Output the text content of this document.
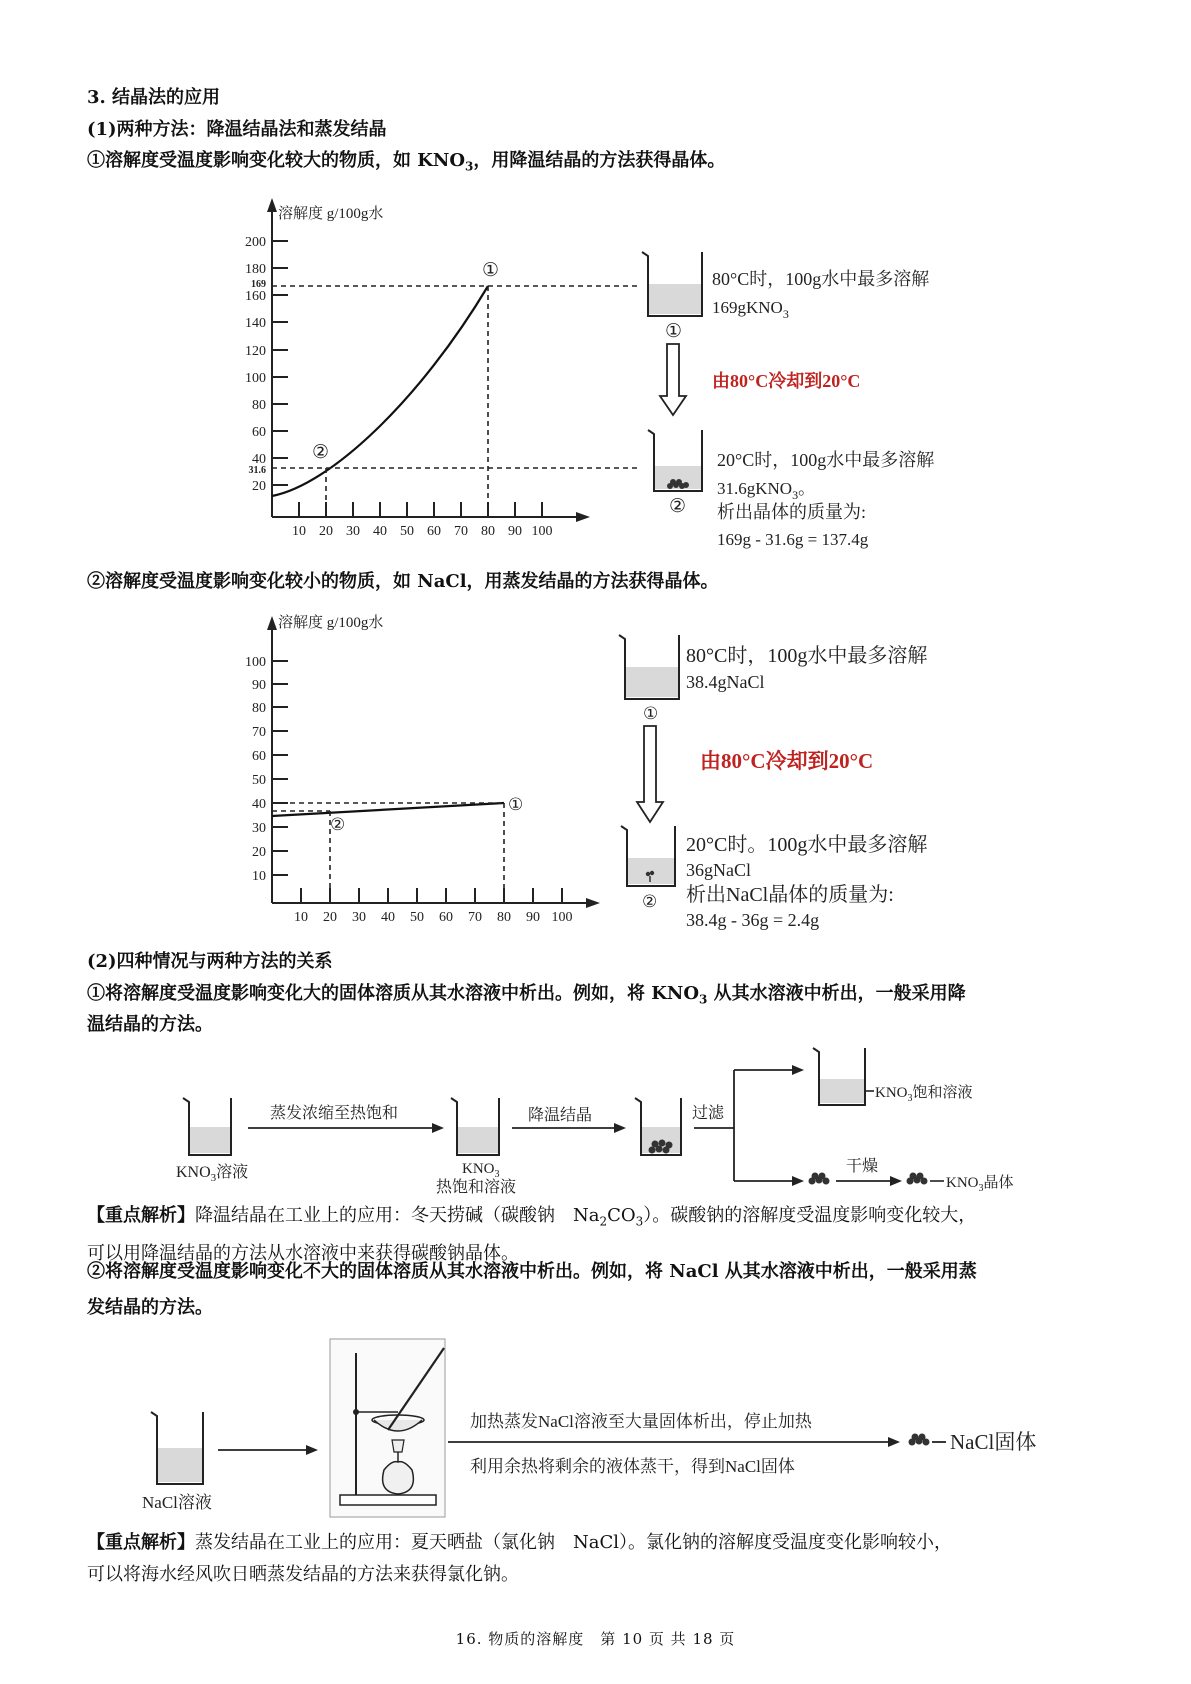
3. 结晶法的应用
(1)两种方法：降温结晶法和蒸发结晶
①溶解度受温度影响变化较大的物质，如 $KNO_3$，用降温结晶的方法获得晶体。
溶解度 g/100g水
200
180
169
160
140
120
100
80
60
40
31.6
20
10 20 30 40 50 60 70 80 90 100
①
②
①
80°C时，100g水中最多溶解
169gKNO$_3$
由80°C冷却到20°C
②
20°C时，100g水中最多溶解
31.6gKNO$_3$。
析出晶体的质量为:
169g - 31.6g = 137.4g
②溶解度受温度影响变化较小的物质，如 NaCl，用蒸发结晶的方法获得晶体。
溶解度 g/100g水
100
90
80
70
60
50
40
30
20
10
10 20 30 40 50 60 70 80 90 100
①
②
①
80°C时，100g水中最多溶解
38.4gNaCl
由80°C冷却到20°C
②
20°C时。100g水中最多溶解
36gNaCl
析出NaCl晶体的质量为:
38.4g - 36g = 2.4g
(2)四种情况与两种方法的关系
①将溶解度受温度影响变化大的固体溶质从其水溶液中析出。例如，将 $KNO_3$ 从其水溶液中析出，一般采用降
温结晶的方法。
$KNO_3$溶液
蒸发浓缩至热饱和
$KNO_3$
热饱和溶液
降温结晶	过滤
$KNO_3$饱和溶液
干燥
$KNO_3$晶体
【重点解析】降温结晶在工业上的应用：冬天捞碱（碳酸钠　$Na_2CO_3$）。碳酸钠的溶解度受温度影响变化较大，
可以用降温结晶的方法从水溶液中来获得碳酸钠晶体。
②将溶解度受温度影响变化不大的固体溶质从其水溶液中析出。例如，将 NaCl 从其水溶液中析出，一般采用蒸
发结晶的方法。
NaCl溶液
加热蒸发NaCl溶液至大量固体析出，停止加热
利用余热将剩余的液体蒸干，得到NaCl固体
NaCl固体
【重点解析】蒸发结晶在工业上的应用：夏天晒盐（氯化钠　NaCl）。氯化钠的溶解度受温度变化影响较小，
可以将海水经风吹日晒蒸发结晶的方法来获得氯化钠。
16. 物质的溶解度　第 10 页 共 18 页
